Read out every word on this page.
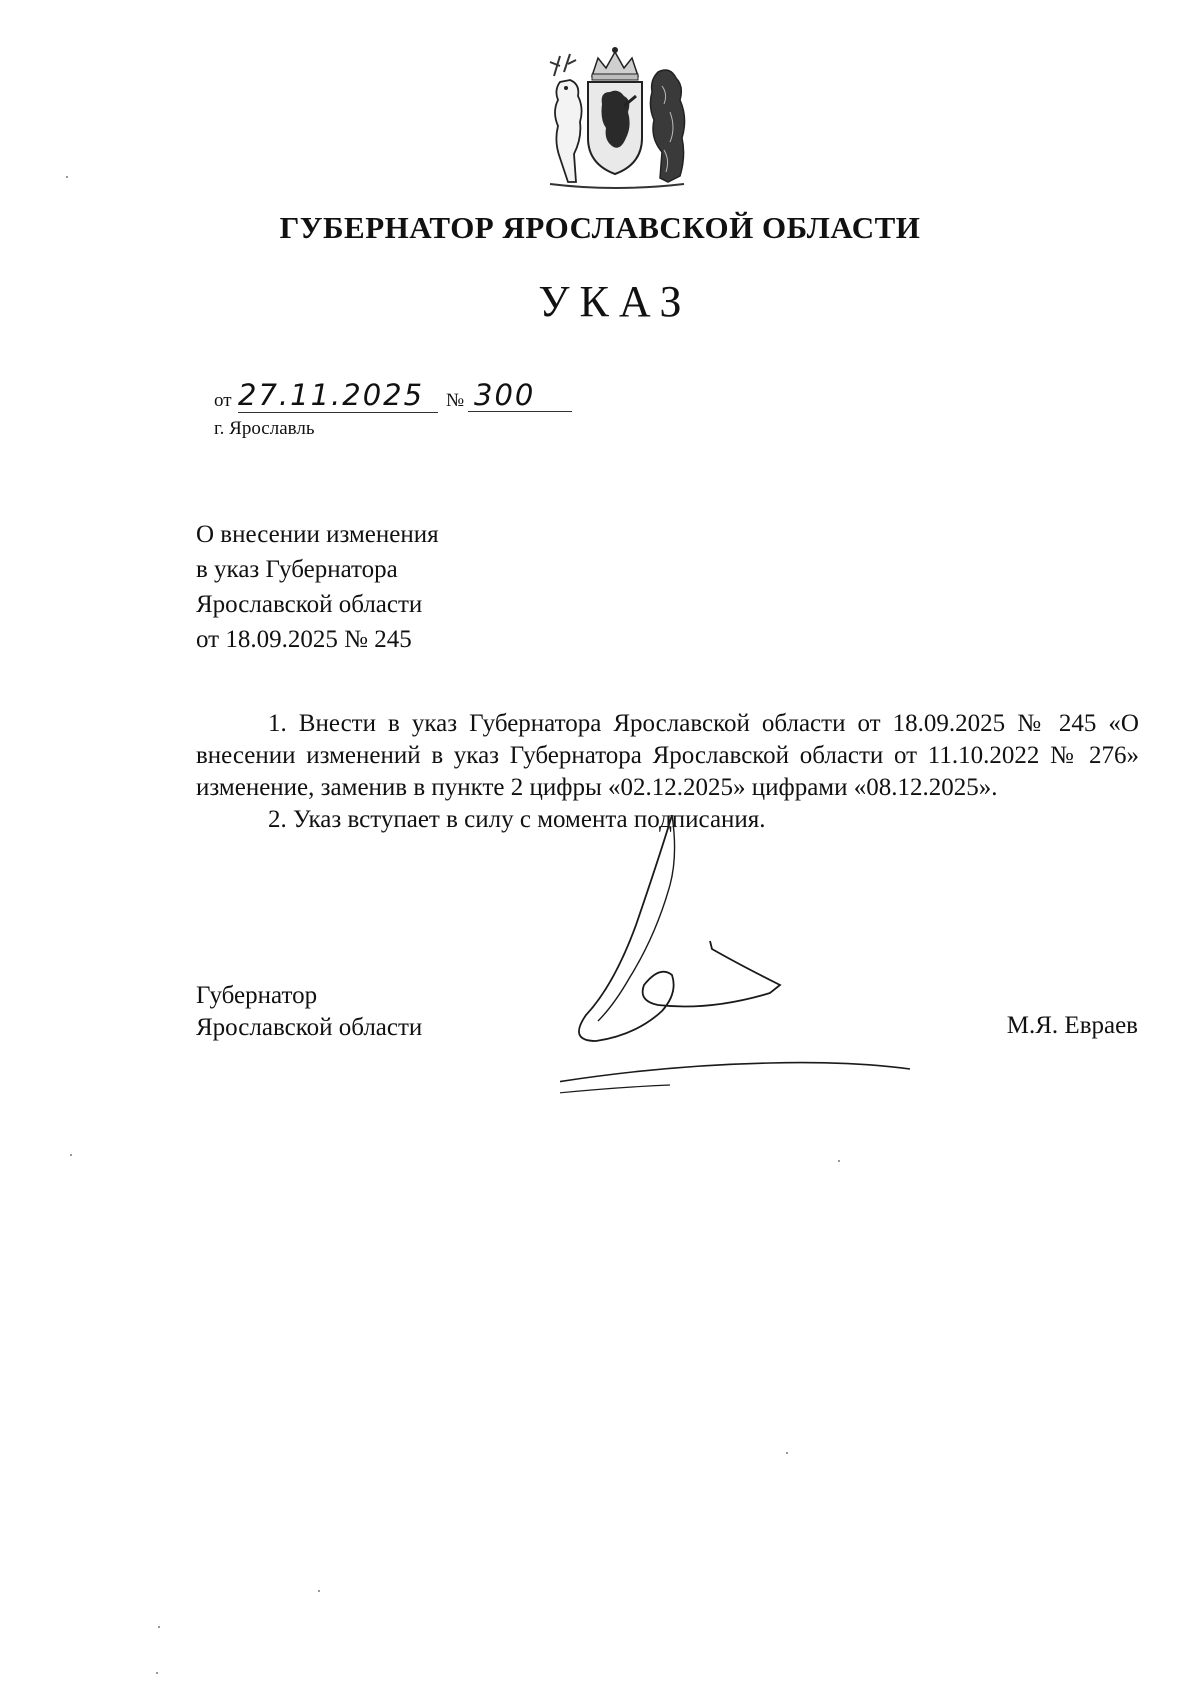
ГУБЕРНАТОР ЯРОСЛАВСКОЙ ОБЛАСТИ
УКАЗ
от 27.11.2025	№ 300
г. Ярославль
О внесении изменения
в указ Губернатора
Ярославской области
от 18.09.2025 № 245

1. Внести в указ Губернатора Ярославской области от 18.09.2025 № 245 «О внесении изменений в указ Губернатора Ярославской области от 11.10.2022 № 276» изменение, заменив в пункте 2 цифры «02.12.2025» цифрами «08.12.2025».

2. Указ вступает в силу с момента подписания.

Губернатор
Ярославской области	М.Я. Евраев
